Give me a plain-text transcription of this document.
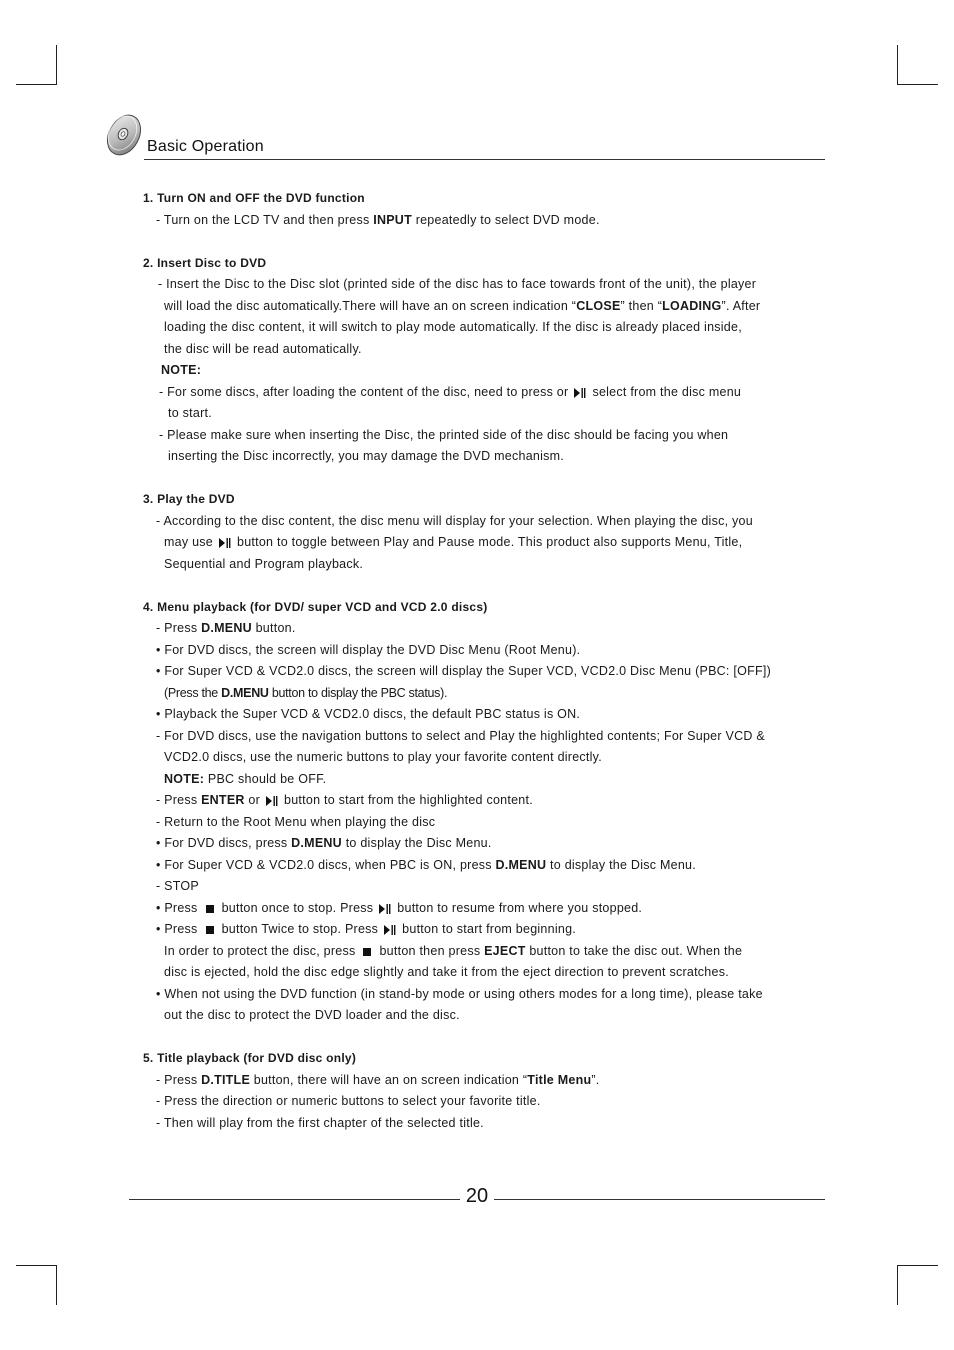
Basic Operation
1. Turn ON and OFF the DVD function
- Turn on the LCD TV and then press INPUT repeatedly to select DVD mode.
2. Insert Disc to DVD
- Insert the Disc to the Disc slot (printed side of the disc has to face towards front of the unit), the player
will load the disc automatically.There will have an on screen indication “CLOSE” then “LOADING”. After
loading the disc content, it will switch to play mode automatically. If the disc is already placed inside,
the disc will be read automatically.
NOTE:
- For some discs, after loading the content of the disc, need to press or select from the disc menu
to start.
- Please make sure when inserting the Disc, the printed side of the disc should be facing you when
inserting the Disc incorrectly, you may damage the DVD mechanism.
3. Play the DVD
- According to the disc content, the disc menu will display for your selection. When playing the disc, you
may use button to toggle between Play and Pause mode. This product also supports Menu, Title,
Sequential and Program playback.
4. Menu playback (for DVD/ super VCD and VCD 2.0 discs)
- Press D.MENU button.
• For DVD discs, the screen will display the DVD Disc Menu (Root Menu).
• For Super VCD & VCD2.0 discs, the screen will display the Super VCD, VCD2.0 Disc Menu (PBC: [OFF])
(Press the D.MENU button to display the PBC status).
• Playback the Super VCD & VCD2.0 discs, the default PBC status is ON.
- For DVD discs, use the navigation buttons to select and Play the highlighted contents; For Super VCD &
VCD2.0 discs, use the numeric buttons to play your favorite content directly.
NOTE: PBC should be OFF.
- Press ENTER or button to start from the highlighted content.
- Return to the Root Menu when playing the disc
• For DVD discs, press D.MENU to display the Disc Menu.
• For Super VCD & VCD2.0 discs, when PBC is ON, press D.MENU to display the Disc Menu.
- STOP
• Press button once to stop. Press button to resume from where you stopped.
• Press button Twice to stop. Press button to start from beginning.
In order to protect the disc, press button then press EJECT button to take the disc out. When the
disc is ejected, hold the disc edge slightly and take it from the eject direction to prevent scratches.
• When not using the DVD function (in stand-by mode or using others modes for a long time), please take
out the disc to protect the DVD loader and the disc.
5. Title playback (for DVD disc only)
- Press D.TITLE button, there will have an on screen indication “Title Menu”.
- Press the direction or numeric buttons to select your favorite title.
- Then will play from the first chapter of the selected title.
20
